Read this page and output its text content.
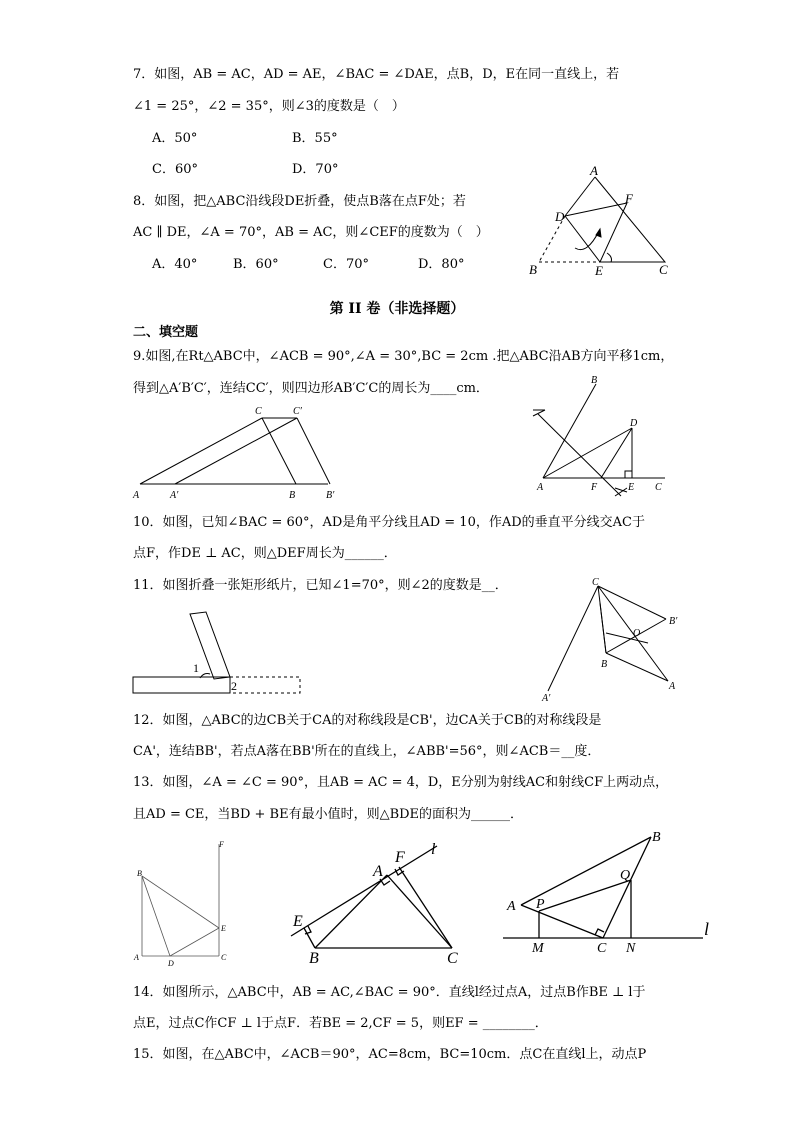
7．如图，AB = AC，AD = AE，∠BAC = ∠DAE，点B，D，E在同一直线上，若
∠1 = 25°，∠2 = 35°，则∠3的度数是（　）
A．50°	B．55°
C．60°	D．70°
8．如图，把△ABC沿线段DE折叠，使点B落在点F处；若
AC ∥ DE，∠A = 70°，AB = AC，则∠CEF的度数为（　）
A．40°	B．60°	C．70°	D．80°
A
F
D
B	E	C
第 II 卷（非选择题）
二、填空题
9.如图,在Rt△ABC中，∠ACB = 90°,∠A = 30°,BC = 2cm .把△ABC沿AB方向平移1cm，
得到△A′B′C′，连结CC′，则四边形AB′C′C的周长为____cm．
C	C′
A	A′	B	B′
B
D
A	F	E C
10．如图，已知∠BAC = 60°，AD是角平分线且AD = 10，作AD的垂直平分线交AC于
点F，作DE ⊥ AC，则△DEF周长为______．
11．如图折叠一张矩形纸片，已知∠1=70°，则∠2的度数是__．
1
2
C
B′
O
B
A
A′
12．如图，△ABC的边CB关于CA的对称线段是CB'，边CA关于CB的对称线段是
CA'，连结BB'，若点A落在BB'所在的直线上，∠ABB'=56°，则∠ACB＝__度．
13．如图，∠A = ∠C = 90°，且AB = AC = 4，D，E分别为射线AC和射线CF上两动点，
且AD = CE，当BD + BE有最小值时，则△BDE的面积为______．
F
B
E
A
D
C
l
F
A
E
B	C
B
Q
A P
l
M	C N
14．如图所示，△ABC中，AB = AC,∠BAC = 90°．直线l经过点A，过点B作BE ⊥ l于
点E，过点C作CF ⊥ l于点F．若BE = 2,CF = 5，则EF = ________．
15．如图，在△ABC中，∠ACB＝90°，AC=8cm，BC=10cm．点C在直线l上，动点P
